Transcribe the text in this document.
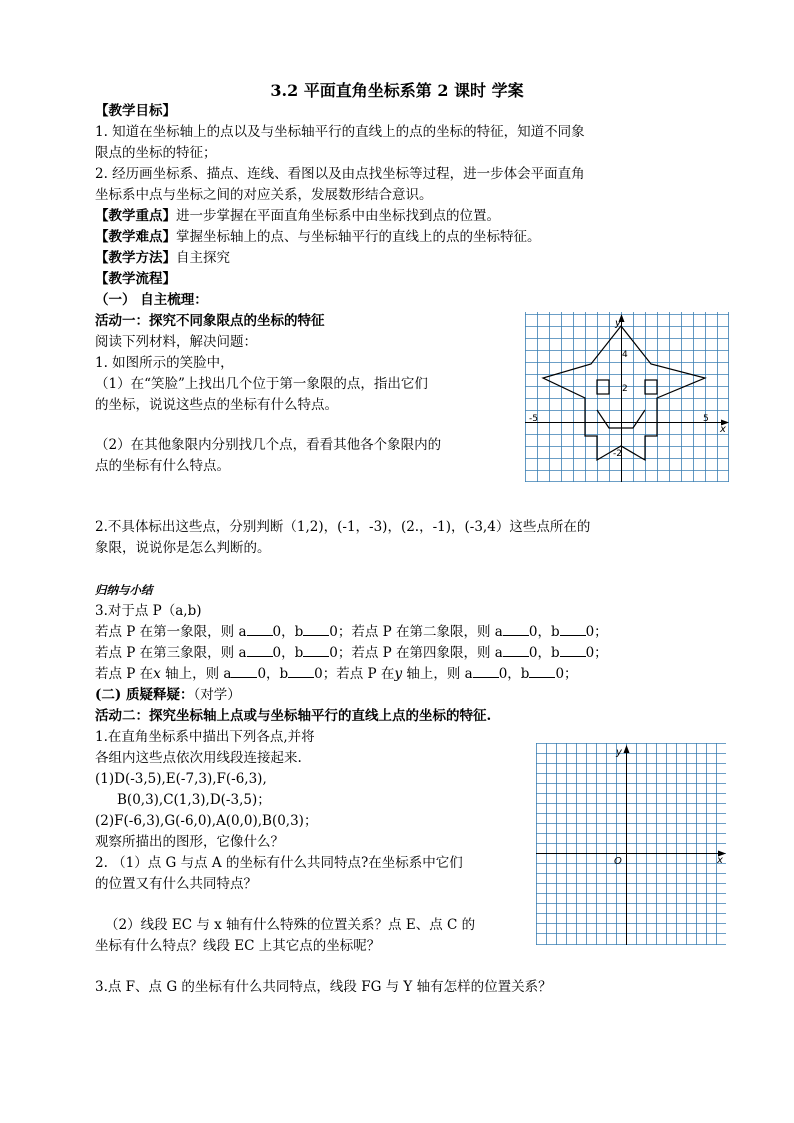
3.2 平面直角坐标系第 2 课时 学案
【教学目标】
1. 知道在坐标轴上的点以及与坐标轴平行的直线上的点的坐标的特征，知道不同象
限点的坐标的特征；
2. 经历画坐标系、描点、连线、看图以及由点找坐标等过程，进一步体会平面直角
坐标系中点与坐标之间的对应关系，发展数形结合意识。
【教学重点】进一步掌握在平面直角坐标系中由坐标找到点的位置。
【教学难点】掌握坐标轴上的点、与坐标轴平行的直线上的点的坐标特征。
【教学方法】自主探究
【教学流程】
（一） 自主梳理：
活动一：探究不同象限点的坐标的特征
阅读下列材料，解决问题：
1. 如图所示的笑脸中，
（1）在“笑脸”上找出几个位于第一象限的点，指出它们
的坐标，说说这些点的坐标有什么特点。
（2）在其他象限内分别找几个点，看看其他各个象限内的
点的坐标有什么特点。
2.不具体标出这些点，分别判断（1,2)，(-1，-3)，(2.，-1)，(-3,4）这些点所在的
象限，说说你是怎么判断的。
归纳与小结
3.对于点 P（a,b)
若点 P 在第一象限，则 a 0，b 0；若点 P 在第二象限，则 a 0，b 0；
若点 P 在第三象限，则 a 0，b 0；若点 P 在第四象限，则 a 0，b 0；
若点 P 在x 轴上，则 a 0，b 0；若点 P 在y 轴上，则 a 0，b 0；
(二) 质疑释疑：（对学）
活动二：探究坐标轴上点或与坐标轴平行的直线上点的坐标的特征.
1.在直角坐标系中描出下列各点,并将
各组内这些点依次用线段连接起来.
(1)D(-3,5),E(-7,3),F(-6,3),
B(0,3),C(1,3),D(-3,5)；
(2)F(-6,3),G(-6,0),A(0,0),B(0,3)；
观察所描出的图形，它像什么？
2. （1）点 G 与点 A 的坐标有什么共同特点?在坐标系中它们
的位置又有什么共同特点？
（2）线段 EC 与 x 轴有什么特殊的位置关系？点 E、点 C 的
坐标有什么特点？线段 EC 上其它点的坐标呢？
3.点 F、点 G 的坐标有什么共同特点，线段 FG 与 Y 轴有怎样的位置关系？
y
x
4
2
-5	5
-2
y
x
O
